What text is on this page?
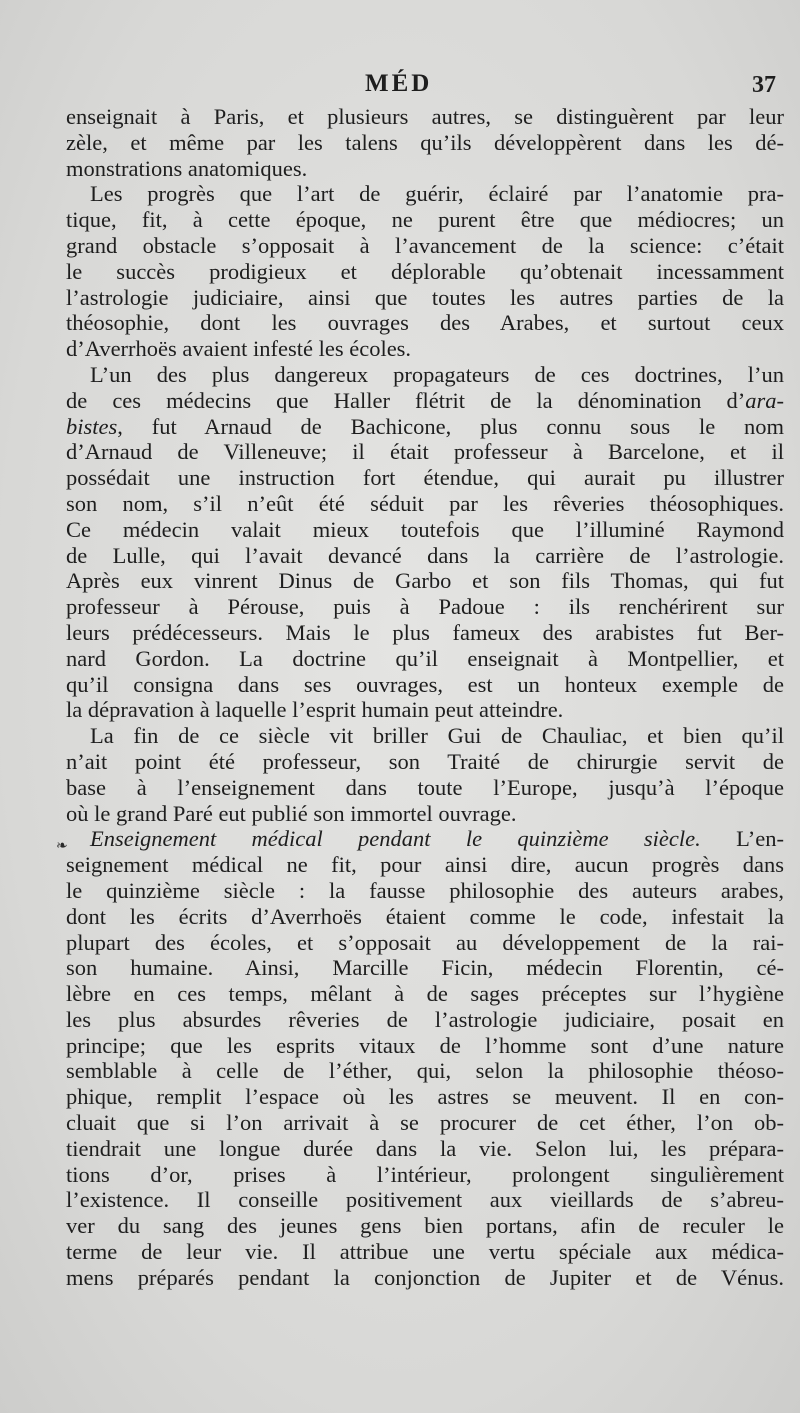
MÉD	37
❧
enseignait à Paris, et plusieurs autres, se distinguèrent par leur
zèle, et même par les talens qu’ils développèrent dans les dé-
monstrations anatomiques.
Les progrès que l’art de guérir, éclairé par l’anatomie pra-
tique, fit, à cette époque, ne purent être que médiocres; un
grand obstacle s’opposait à l’avancement de la science: c’était
le succès prodigieux et déplorable qu’obtenait incessamment
l’astrologie judiciaire, ainsi que toutes les autres parties de la
théosophie, dont les ouvrages des Arabes, et surtout ceux
d’Averrhoës avaient infesté les écoles.
L’un des plus dangereux propagateurs de ces doctrines, l’un
de ces médecins que Haller flétrit de la dénomination d’ara-
bistes, fut Arnaud de Bachicone, plus connu sous le nom
d’Arnaud de Villeneuve; il était professeur à Barcelone, et il
possédait une instruction fort étendue, qui aurait pu illustrer
son nom, s’il n’eût été séduit par les rêveries théosophiques.
Ce médecin valait mieux toutefois que l’illuminé Raymond
de Lulle, qui l’avait devancé dans la carrière de l’astrologie.
Après eux vinrent Dinus de Garbo et son fils Thomas, qui fut
professeur à Pérouse, puis à Padoue : ils renchérirent sur
leurs prédécesseurs. Mais le plus fameux des arabistes fut Ber-
nard Gordon. La doctrine qu’il enseignait à Montpellier, et
qu’il consigna dans ses ouvrages, est un honteux exemple de
la dépravation à laquelle l’esprit humain peut atteindre.
La fin de ce siècle vit briller Gui de Chauliac, et bien qu’il
n’ait point été professeur, son Traité de chirurgie servit de
base à l’enseignement dans toute l’Europe, jusqu’à l’époque
où le grand Paré eut publié son immortel ouvrage.
Enseignement médical pendant le quinzième siècle. L’en-
seignement médical ne fit, pour ainsi dire, aucun progrès dans
le quinzième siècle : la fausse philosophie des auteurs arabes,
dont les écrits d’Averrhoës étaient comme le code, infestait la
plupart des écoles, et s’opposait au développement de la rai-
son humaine. Ainsi, Marcille Ficin, médecin Florentin, cé-
lèbre en ces temps, mêlant à de sages préceptes sur l’hygiène
les plus absurdes rêveries de l’astrologie judiciaire, posait en
principe; que les esprits vitaux de l’homme sont d’une nature
semblable à celle de l’éther, qui, selon la philosophie théoso-
phique, remplit l’espace où les astres se meuvent. Il en con-
cluait que si l’on arrivait à se procurer de cet éther, l’on ob-
tiendrait une longue durée dans la vie. Selon lui, les prépara-
tions d’or, prises à l’intérieur, prolongent singulièrement
l’existence. Il conseille positivement aux vieillards de s’abreu-
ver du sang des jeunes gens bien portans, afin de reculer le
terme de leur vie. Il attribue une vertu spéciale aux médica-
mens préparés pendant la conjonction de Jupiter et de Vénus.
